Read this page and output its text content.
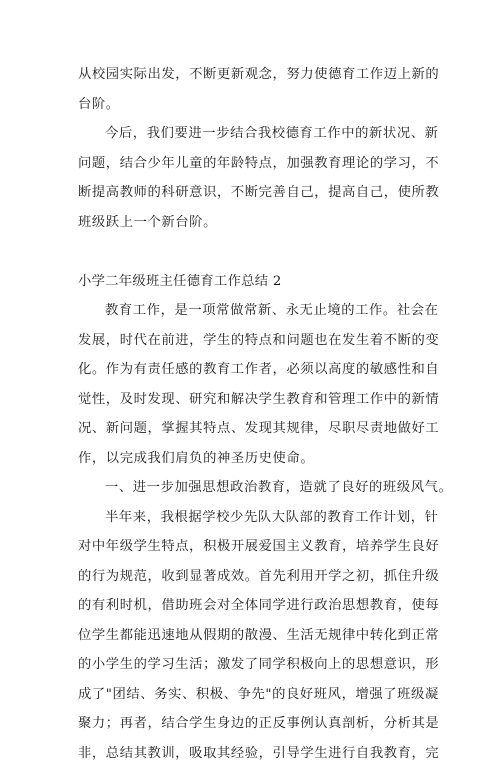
从校园实际出发，不断更新观念，努力使德育工作迈上新的
台阶。
今后，我们要进一步结合我校德育工作中的新状况、新
问题，结合少年儿童的年龄特点，加强教育理论的学习，不
断提高教师的科研意识，不断完善自己，提高自己，使所教
班级跃上一个新台阶。
小学二年级班主任德育工作总结 2
教育工作，是一项常做常新、永无止境的工作。社会在
发展，时代在前进，学生的特点和问题也在发生着不断的变
化。作为有责任感的教育工作者，必须以高度的敏感性和自
觉性，及时发现、研究和解决学生教育和管理工作中的新情
况、新问题，掌握其特点、发现其规律，尽职尽责地做好工
作，以完成我们肩负的神圣历史使命。
一、进一步加强思想政治教育，造就了良好的班级风气。
半年来，我根据学校少先队大队部的教育工作计划，针
对中年级学生特点，积极开展爱国主义教育，培养学生良好
的行为规范，收到显著成效。首先利用开学之初，抓住升级
的有利时机，借助班会对全体同学进行政治思想教育，使每
位学生都能迅速地从假期的散漫、生活无规律中转化到正常
的小学生的学习生活；激发了同学积极向上的思想意识，形
成了"团结、务实、积极、争先"的良好班风，增强了班级凝
聚力；再者，结合学生身边的正反事例认真剖析，分析其是
非，总结其教训，吸取其经验，引导学生进行自我教育，完
